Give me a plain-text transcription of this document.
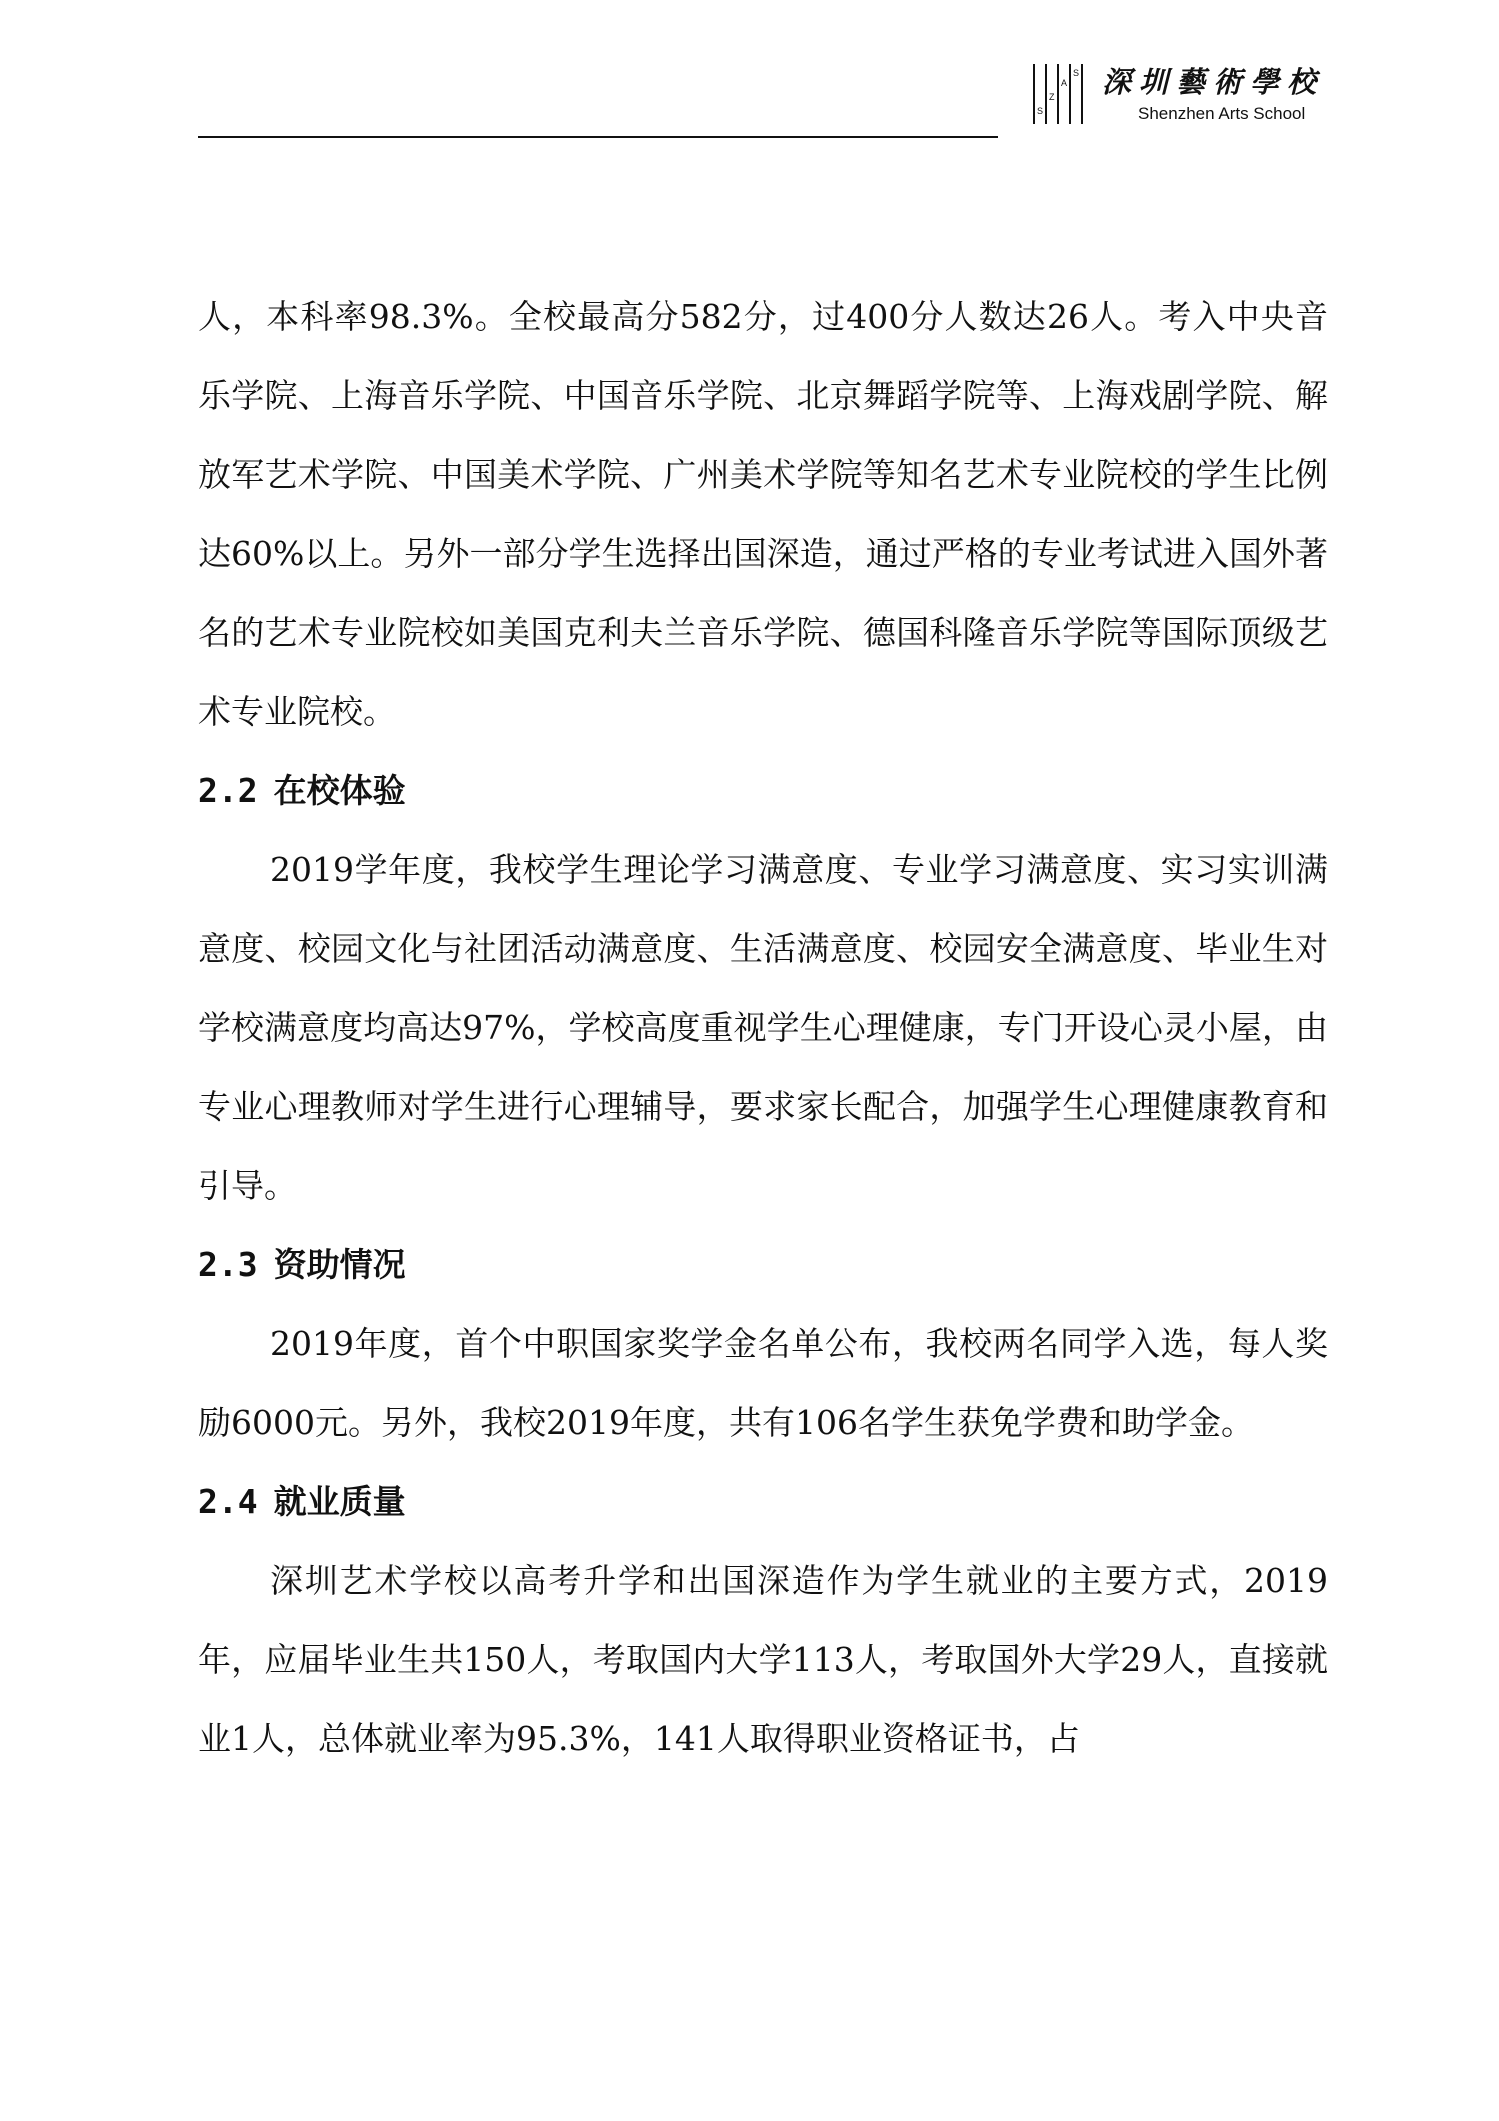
S
Z
A
S 深圳藝術學校
Shenzhen Arts School

人，本科率98.3%。全校最高分582分，过400分人数达26人。考入中央音乐学院、上海音乐学院、中国音乐学院、北京舞蹈学院等、上海戏剧学院、解放军艺术学院、中国美术学院、广州美术学院等知名艺术专业院校的学生比例达60%以上。另外一部分学生选择出国深造，通过严格的专业考试进入国外著名的艺术专业院校如美国克利夫兰音乐学院、德国科隆音乐学院等国际顶级艺术专业院校。

2.2 在校体验

2019学年度，我校学生理论学习满意度、专业学习满意度、实习实训满意度、校园文化与社团活动满意度、生活满意度、校园安全满意度、毕业生对学校满意度均高达97%，学校高度重视学生心理健康，专门开设心灵小屋，由专业心理教师对学生进行心理辅导，要求家长配合，加强学生心理健康教育和引导。

2.3 资助情况

2019年度，首个中职国家奖学金名单公布，我校两名同学入选，每人奖励6000元。另外，我校2019年度，共有106名学生获免学费和助学金。

2.4 就业质量

深圳艺术学校以高考升学和出国深造作为学生就业的主要方式，2019年，应届毕业生共150人，考取国内大学113人，考取国外大学29人，直接就业1人，总体就业率为95.3%，141人取得职业资格证书，占
